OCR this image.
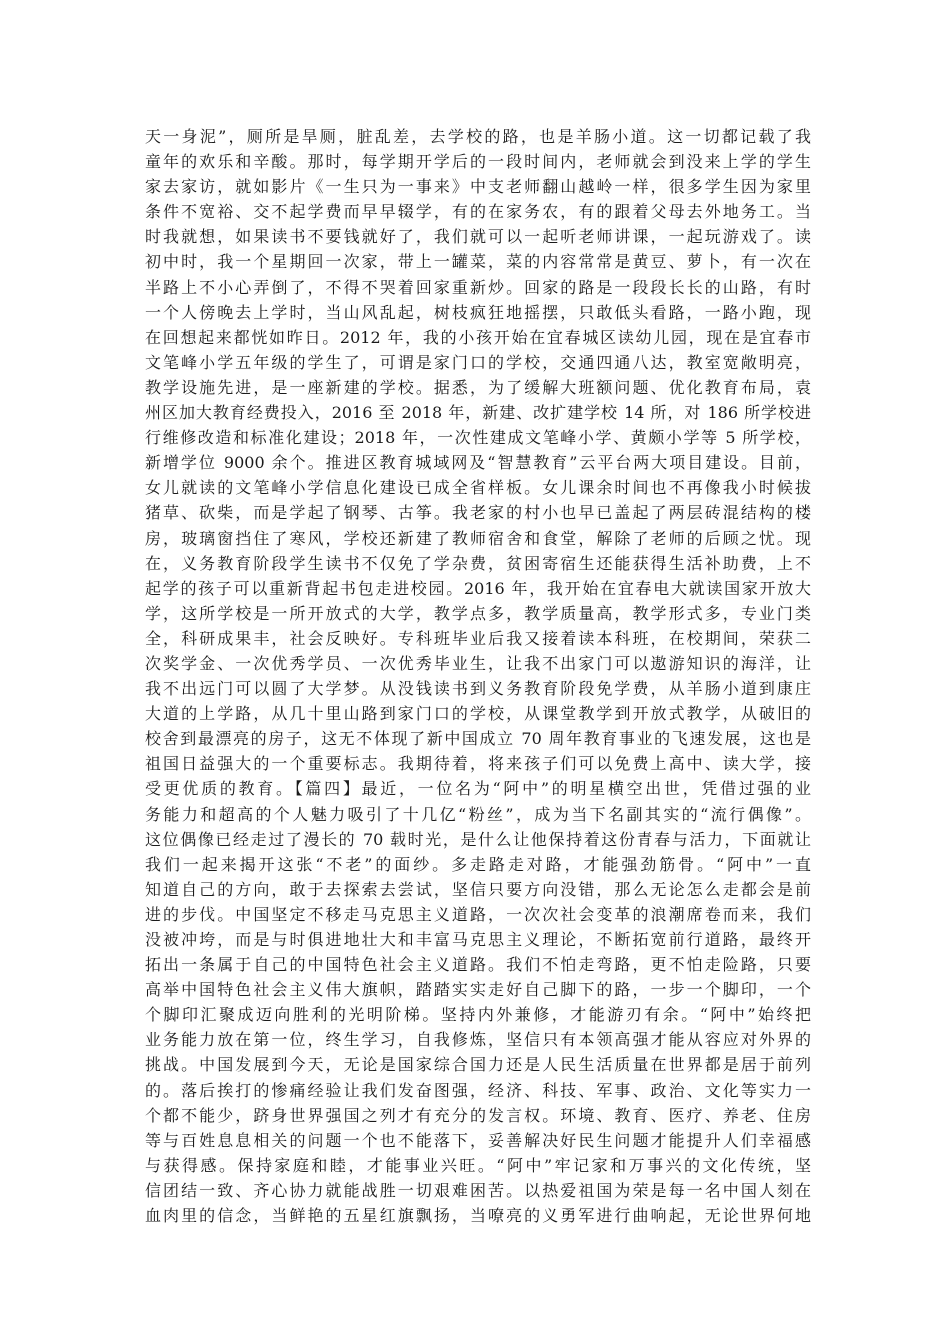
天一身泥”，厕所是旱厕，脏乱差，去学校的路，也是羊肠小道。这一切都记载了我
童年的欢乐和辛酸。那时，每学期开学后的一段时间内，老师就会到没来上学的学生
家去家访，就如影片《一生只为一事来》中支老师翻山越岭一样，很多学生因为家里
条件不宽裕、交不起学费而早早辍学，有的在家务农，有的跟着父母去外地务工。当
时我就想，如果读书不要钱就好了，我们就可以一起听老师讲课，一起玩游戏了。读
初中时，我一个星期回一次家，带上一罐菜，菜的内容常常是黄豆、萝卜，有一次在
半路上不小心弄倒了，不得不哭着回家重新炒。回家的路是一段段长长的山路，有时
一个人傍晚去上学时，当山风乱起，树枝疯狂地摇摆，只敢低头看路，一路小跑，现
在回想起来都恍如昨日。2012 年，我的小孩开始在宜春城区读幼儿园，现在是宜春市
文笔峰小学五年级的学生了，可谓是家门口的学校，交通四通八达，教室宽敞明亮，
教学设施先进，是一座新建的学校。据悉，为了缓解大班额问题、优化教育布局，袁
州区加大教育经费投入，2016 至 2018 年，新建、改扩建学校 14 所，对 186 所学校进
行维修改造和标准化建设；2018 年，一次性建成文笔峰小学、黄颇小学等 5 所学校，
新增学位 9000 余个。推进区教育城域网及“智慧教育”云平台两大项目建设。目前，
女儿就读的文笔峰小学信息化建设已成全省样板。女儿课余时间也不再像我小时候拔
猪草、砍柴，而是学起了钢琴、古筝。我老家的村小也早已盖起了两层砖混结构的楼
房，玻璃窗挡住了寒风，学校还新建了教师宿舍和食堂，解除了老师的后顾之忧。现
在，义务教育阶段学生读书不仅免了学杂费，贫困寄宿生还能获得生活补助费，上不
起学的孩子可以重新背起书包走进校园。2016 年，我开始在宜春电大就读国家开放大
学，这所学校是一所开放式的大学，教学点多，教学质量高，教学形式多，专业门类
全，科研成果丰，社会反映好。专科班毕业后我又接着读本科班，在校期间，荣获二
次奖学金、一次优秀学员、一次优秀毕业生，让我不出家门可以遨游知识的海洋，让
我不出远门可以圆了大学梦。从没钱读书到义务教育阶段免学费，从羊肠小道到康庄
大道的上学路，从几十里山路到家门口的学校，从课堂教学到开放式教学，从破旧的
校舍到最漂亮的房子，这无不体现了新中国成立 70 周年教育事业的飞速发展，这也是
祖国日益强大的一个重要标志。我期待着，将来孩子们可以免费上高中、读大学，接
受更优质的教育。【篇四】最近，一位名为“阿中”的明星横空出世，凭借过强的业
务能力和超高的个人魅力吸引了十几亿“粉丝”，成为当下名副其实的“流行偶像”。
这位偶像已经走过了漫长的 70 载时光，是什么让他保持着这份青春与活力，下面就让
我们一起来揭开这张“不老”的面纱。多走路走对路，才能强劲筋骨。“阿中”一直
知道自己的方向，敢于去探索去尝试，坚信只要方向没错，那么无论怎么走都会是前
进的步伐。中国坚定不移走马克思主义道路，一次次社会变革的浪潮席卷而来，我们
没被冲垮，而是与时俱进地壮大和丰富马克思主义理论，不断拓宽前行道路，最终开
拓出一条属于自己的中国特色社会主义道路。我们不怕走弯路，更不怕走险路，只要
高举中国特色社会主义伟大旗帜，踏踏实实走好自己脚下的路，一步一个脚印，一个
个脚印汇聚成迈向胜利的光明阶梯。坚持内外兼修，才能游刃有余。“阿中”始终把
业务能力放在第一位，终生学习，自我修炼，坚信只有本领高强才能从容应对外界的
挑战。中国发展到今天，无论是国家综合国力还是人民生活质量在世界都是居于前列
的。落后挨打的惨痛经验让我们发奋图强，经济、科技、军事、政治、文化等实力一
个都不能少，跻身世界强国之列才有充分的发言权。环境、教育、医疗、养老、住房
等与百姓息息相关的问题一个也不能落下，妥善解决好民生问题才能提升人们幸福感
与获得感。保持家庭和睦，才能事业兴旺。“阿中”牢记家和万事兴的文化传统，坚
信团结一致、齐心协力就能战胜一切艰难困苦。以热爱祖国为荣是每一名中国人刻在
血肉里的信念，当鲜艳的五星红旗飘扬，当嘹亮的义勇军进行曲响起，无论世界何地
